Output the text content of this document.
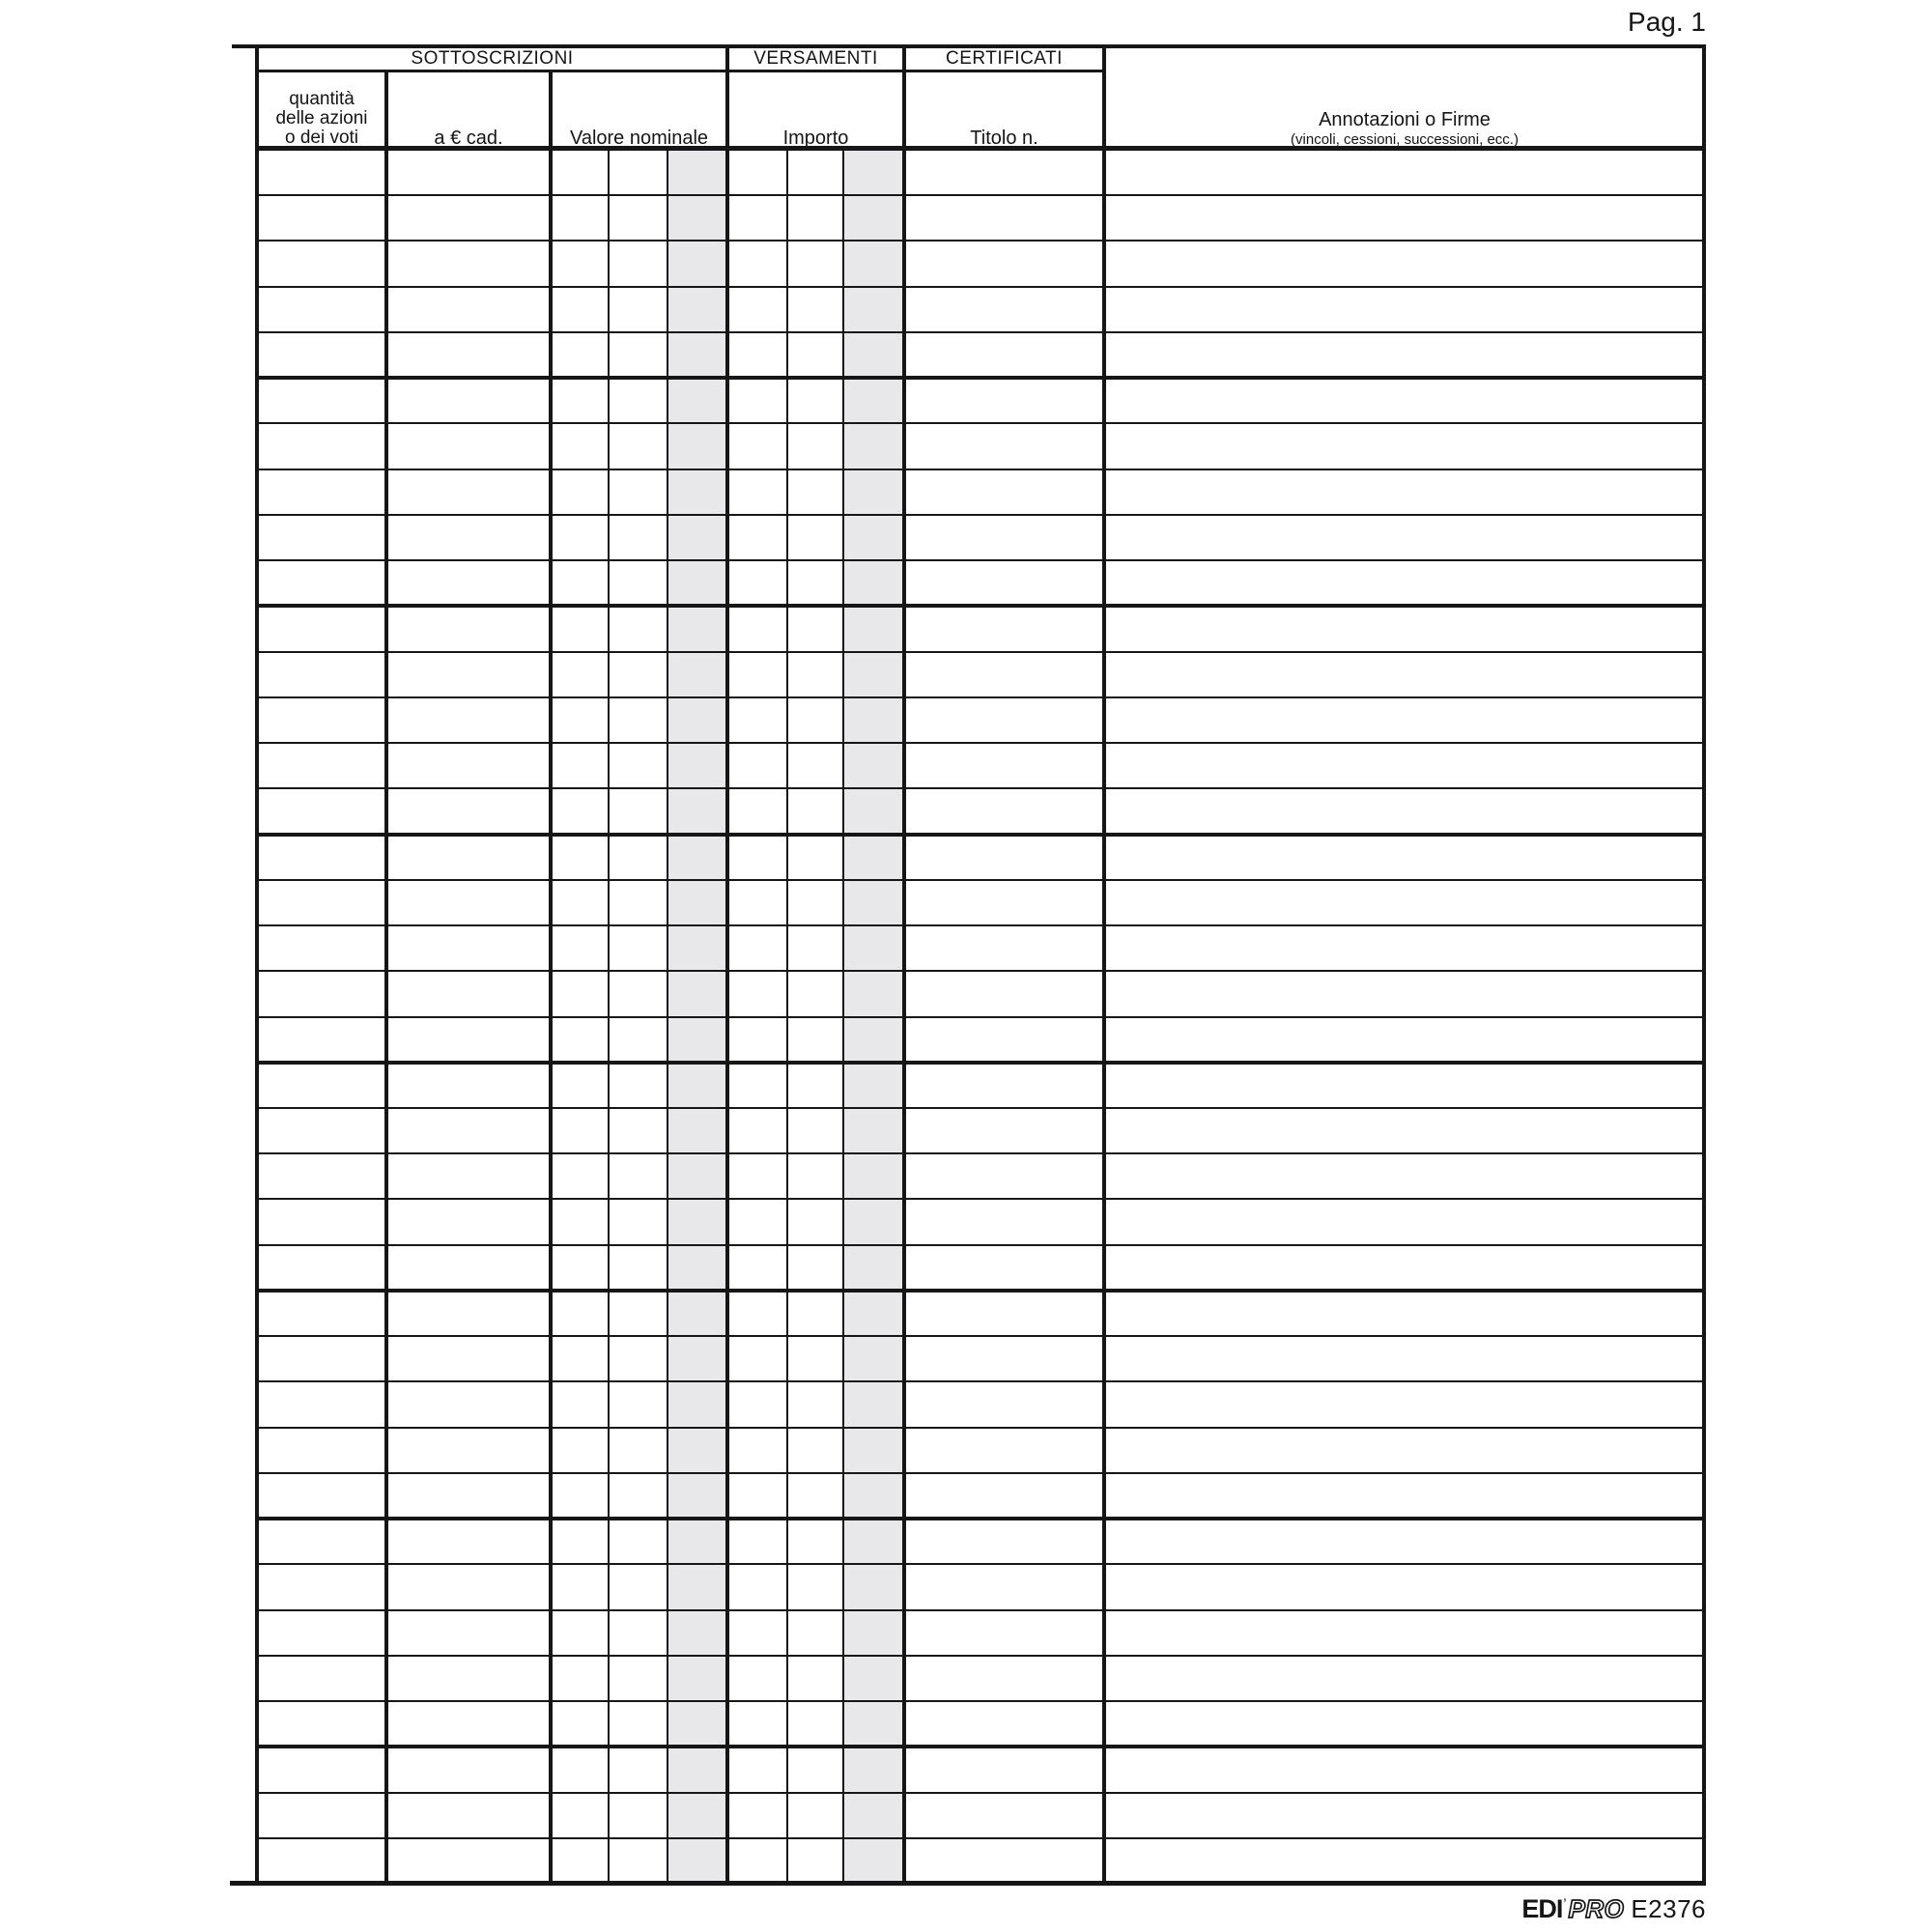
Pag. 1
SOTTOSCRIZIONI	VERSAMENTI	CERTIFICATI
quantità
delle azioni
o dei voti	a € cad.	Valore nominale	Importo	Titolo n.
Annotazioni o Firme
(vincoli, cessioni, successioni, ecc.)
EDI ’ PRO E2376
